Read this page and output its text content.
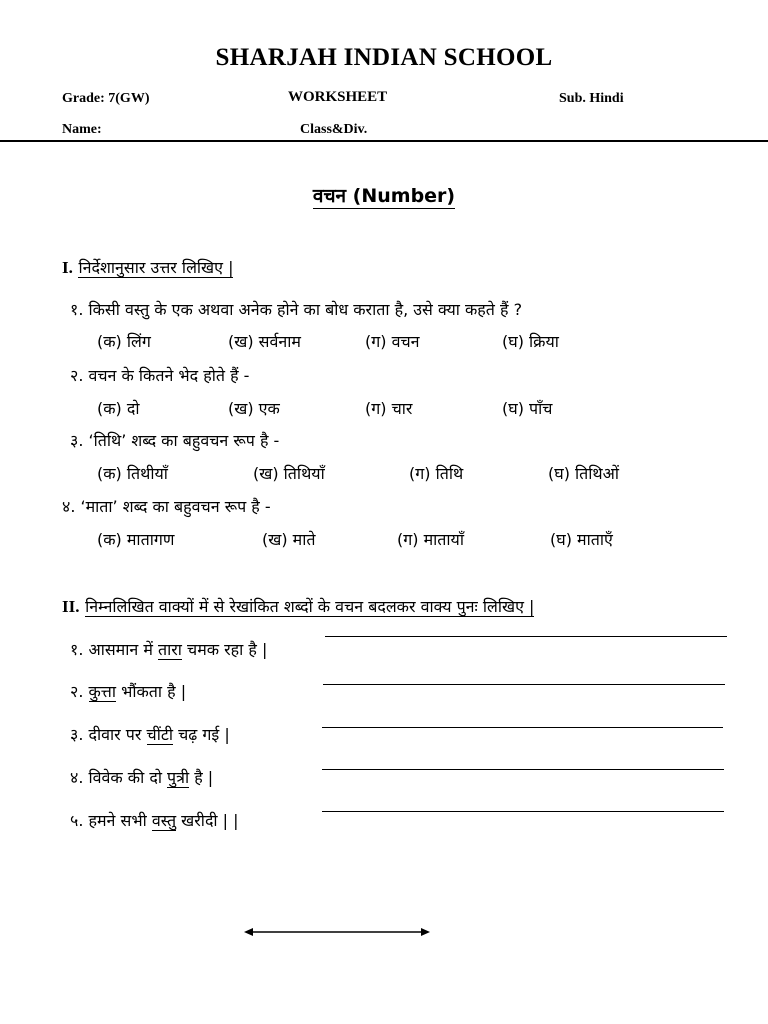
SHARJAH INDIAN SCHOOL
Grade: 7(GW)	WORKSHEET	Sub. Hindi
Name:	Class&Div.
वचन (Number)
I. निर्देशानुसार उत्तर लिखिए |
१. किसी वस्तु के एक अथवा अनेक होने का बोध कराता है, उसे क्या कहते हैं ?
(क) लिंग	(ख) सर्वनाम	(ग) वचन	(घ) क्रिया
२. वचन के कितने भेद होते हैं -
(क) दो	(ख) एक	(ग) चार	(घ) पाँच
३. ‘तिथि’ शब्द का बहुवचन रूप है -
(क) तिथीयाँ	(ख) तिथियाँ	(ग) तिथि	(घ) तिथिओं
४. ‘माता’ शब्द का बहुवचन रूप है -
(क) मातागण	(ख) माते	(ग) मातायाँ	(घ) माताएँ
II. निम्नलिखित वाक्यों में से रेखांकित शब्दों के वचन बदलकर वाक्य पुनः लिखिए |
१. आसमान में तारा चमक रहा है |
२. कुत्ता भौंकता है |
३. दीवार पर चींटी चढ़ गई |
४. विवेक की दो पुत्री है |
५. हमने सभी वस्तु खरीदी | |
